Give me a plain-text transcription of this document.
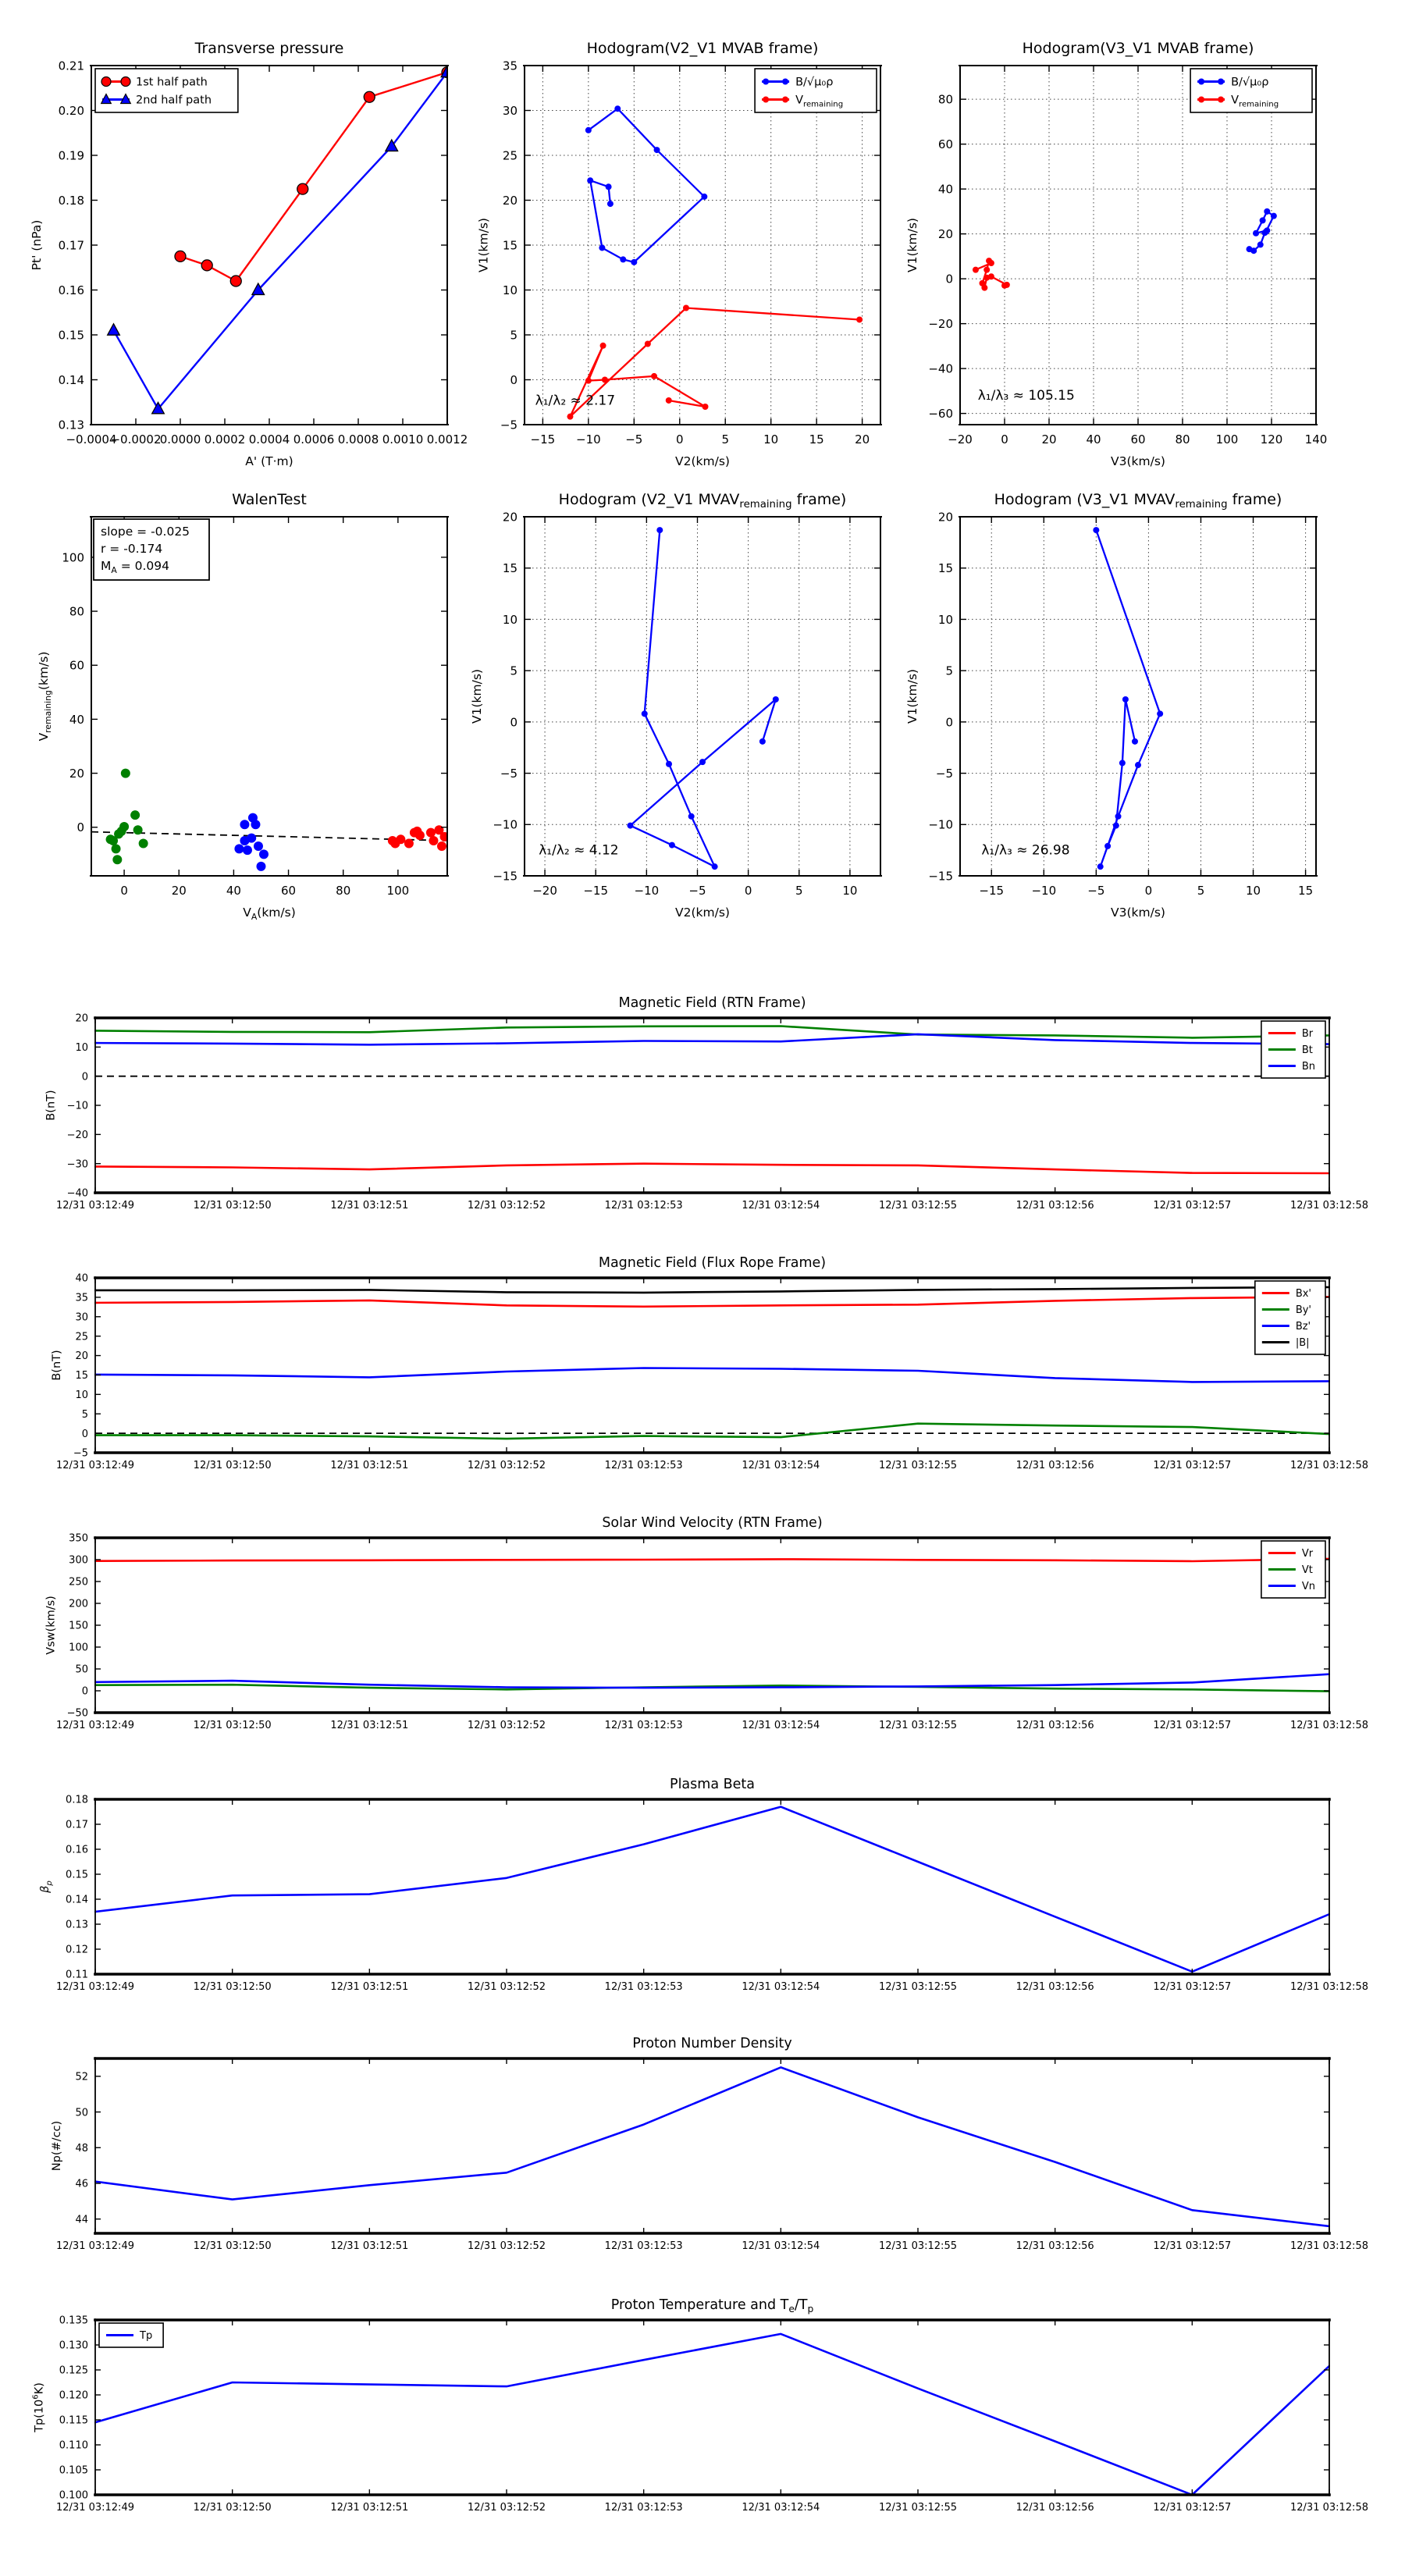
−0.0004
−0.0002
0.0000 0.0002 0.0004 0.0006 0.0008 0.0010 0.0012
0.13
0.14
0.15
0.16
0.17
0.18
0.19
0.20
0.21
Transverse pressure
A' (T·m)
Pt' (nPa)
1st half path
2nd half path
−15 −10 −5	0	5	10	15	20
−5
0
5
10
15
20
25
30
35
Hodogram(V2_V1 MVAB frame)
V2(km/s)
V1(km/s)
λ₁/λ₂ ≈ 2.17
B/√μ₀ρ
$V_{remaining}$
−20 0	20	40	60	80 100 120 140
−60
−40
−20
0
20
40
60
80
Hodogram(V3_V1 MVAB frame)
V3(km/s)
V1(km/s)
λ₁/λ₃ ≈ 105.15
B/√μ₀ρ
$V_{remaining}$
0	20	40	60	80	100
0
20
40
60
80
100
WalenTest
$V_A(km/s)$
$V_{remaining}(km/s)$
slope = -0.025
r = -0.174
$M_A = 0.094$
−20 −15 −10	−5	0	5	10
−15
−10
−5
0
5
10
15
20
Hodogram (V2_V1 $MVAV_{remaining}$ frame)
V2(km/s)
V1(km/s)
λ₁/λ₂ ≈ 4.12
−15 −10	−5	0	5	10	15
−15
−10
−5
0
5
10
15
20
Hodogram (V3_V1 $MVAV_{remaining}$ frame)
V3(km/s)
V1(km/s)
λ₁/λ₃ ≈ 26.98
12/31 03:12:49	12/31 03:12:50	12/31 03:12:51	12/31 03:12:52	12/31 03:12:53	12/31 03:12:54	12/31 03:12:55	12/31 03:12:56	12/31 03:12:57	12/31 03:12:58
−40
−30
−20
−10
0
10
20
Magnetic Field (RTN Frame)
B(nT)
Br
Bt
Bn
12/31 03:12:49	12/31 03:12:50	12/31 03:12:51	12/31 03:12:52	12/31 03:12:53	12/31 03:12:54	12/31 03:12:55	12/31 03:12:56	12/31 03:12:57	12/31 03:12:58
−5
0
5
10
15
20
25
30
35
40
Magnetic Field (Flux Rope Frame)
B(nT)
Bx'
By'
Bz'
|B|
12/31 03:12:49	12/31 03:12:50	12/31 03:12:51	12/31 03:12:52	12/31 03:12:53	12/31 03:12:54	12/31 03:12:55	12/31 03:12:56	12/31 03:12:57	12/31 03:12:58
−50
0
50
100
150
200
250
300
350
Solar Wind Velocity (RTN Frame)
Vsw(km/s)
Vr
Vt
Vn
12/31 03:12:49	12/31 03:12:50	12/31 03:12:51	12/31 03:12:52	12/31 03:12:53	12/31 03:12:54	12/31 03:12:55	12/31 03:12:56	12/31 03:12:57	12/31 03:12:58
0.11
0.12
0.13
0.14
0.15
0.16
0.17
0.18
Plasma Beta
$\beta_p$
12/31 03:12:49	12/31 03:12:50	12/31 03:12:51	12/31 03:12:52	12/31 03:12:53	12/31 03:12:54	12/31 03:12:55	12/31 03:12:56	12/31 03:12:57	12/31 03:12:58
44
46
48
50
52
Proton Number Density
Np(#/cc)
12/31 03:12:49	12/31 03:12:50	12/31 03:12:51	12/31 03:12:52	12/31 03:12:53	12/31 03:12:54	12/31 03:12:55	12/31 03:12:56	12/31 03:12:57	12/31 03:12:58
0.100
0.105
0.110
0.115
0.120
0.125
0.130
0.135
Proton Temperature and $T_e/T_p$
$Tp(10^6K)$
Tp
